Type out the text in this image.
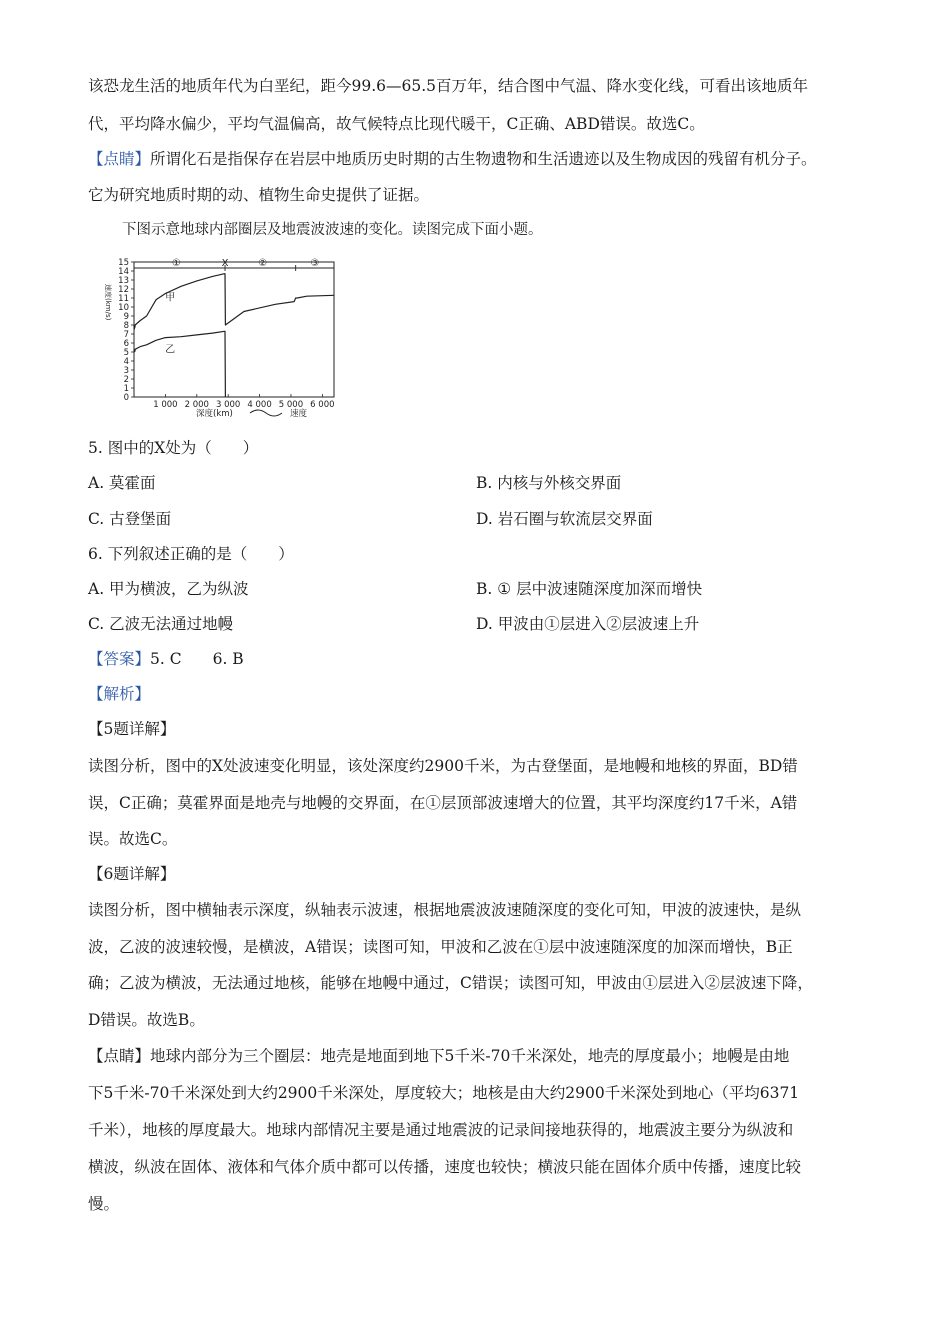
该恐龙生活的地质年代为白垩纪，距今99.6—65.5百万年，结合图中气温、降水变化线，可看出该地质年
代，平均降水偏少，平均气温偏高，故气候特点比现代暖干，C正确、ABD错误。故选C。
【点睛】所谓化石是指保存在岩层中地质历史时期的古生物遗物和生活遗迹以及生物成因的残留有机分子。
它为研究地质时期的动、植物生命史提供了证据。
下图示意地球内部圈层及地震波波速的变化。读图完成下面小题。
速度(km/s)
深度(km)	速度
①	X	②	③
0
1
2
3
4
5
6
7
8
9
10
11
12
13
14
15
1 000 2 000 3 000 4 000 5 000 6 000
甲
乙
5. 图中的X处为（　　）
A. 莫霍面	B. 内核与外核交界面
C. 古登堡面	D. 岩石圈与软流层交界面
6. 下列叙述正确的是（　　）
A. 甲为横波，乙为纵波	B. ① 层中波速随深度加深而增快
C. 乙波无法通过地幔	D. 甲波由①层进入②层波速上升
【答案】5. C　　6. B
【解析】
【5题详解】
读图分析，图中的X处波速变化明显，该处深度约2900千米，为古登堡面，是地幔和地核的界面，BD错
误，C正确；莫霍界面是地壳与地幔的交界面，在①层顶部波速增大的位置，其平均深度约17千米，A错
误。故选C。
【6题详解】
读图分析，图中横轴表示深度，纵轴表示波速，根据地震波波速随深度的变化可知，甲波的波速快，是纵
波，乙波的波速较慢，是横波，A错误；读图可知，甲波和乙波在①层中波速随深度的加深而增快，B正
确；乙波为横波，无法通过地核，能够在地幔中通过，C错误；读图可知，甲波由①层进入②层波速下降，
D错误。故选B。
【点睛】地球内部分为三个圈层：地壳是地面到地下5千米-70千米深处，地壳的厚度最小；地幔是由地
下5千米-70千米深处到大约2900千米深处，厚度较大；地核是由大约2900千米深处到地心（平均6371
千米），地核的厚度最大。地球内部情况主要是通过地震波的记录间接地获得的，地震波主要分为纵波和
横波，纵波在固体、液体和气体介质中都可以传播，速度也较快；横波只能在固体介质中传播，速度比较
慢。
